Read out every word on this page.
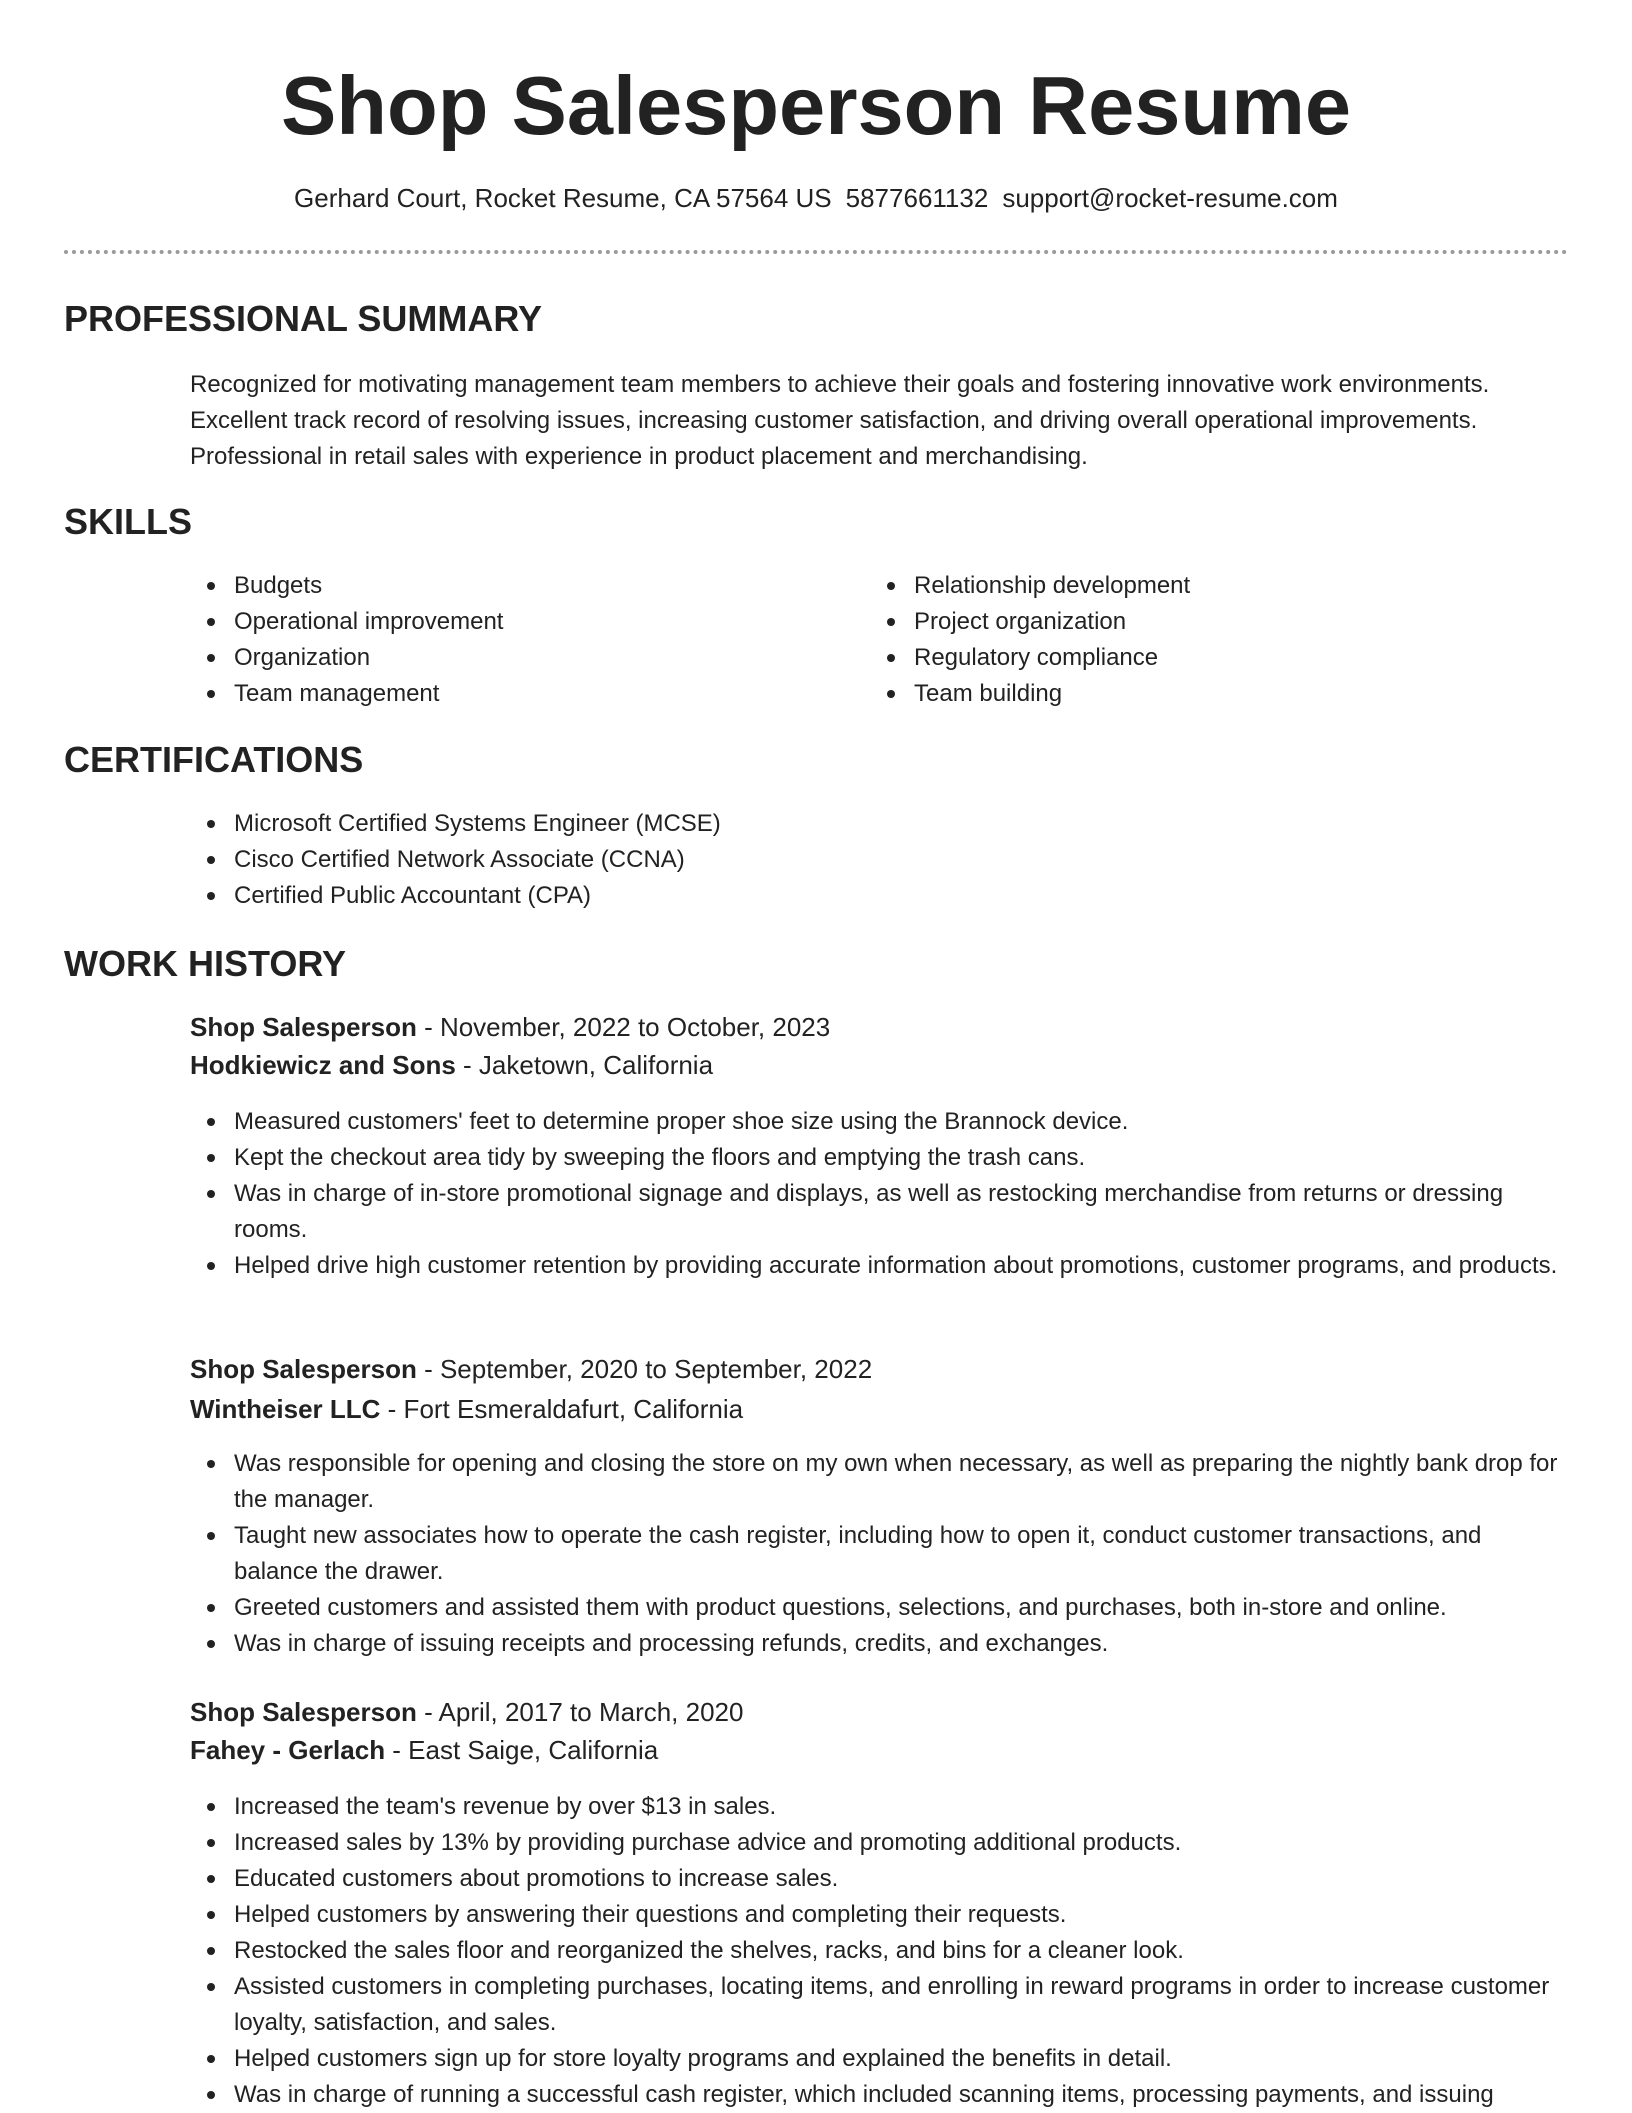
Shop Salesperson Resume
Gerhard Court, Rocket Resume, CA 57564 US 5877661132 support@rocket-resume.com
PROFESSIONAL SUMMARY

Recognized for motivating management team members to achieve their goals and fostering innovative work environments. Excellent track record of resolving issues, increasing customer satisfaction, and driving overall operational improvements. Professional in retail sales with experience in product placement and merchandising.

SKILLS
Budgets
Operational improvement
Organization
Team management
Relationship development
Project organization
Regulatory compliance
Team building
CERTIFICATIONS
Microsoft Certified Systems Engineer (MCSE)
Cisco Certified Network Associate (CCNA)
Certified Public Accountant (CPA)
WORK HISTORY
Shop Salesperson - November, 2022 to October, 2023
Hodkiewicz and Sons - Jaketown, California
Measured customers' feet to determine proper shoe size using the Brannock device.
Kept the checkout area tidy by sweeping the floors and emptying the trash cans.
Was in charge of in-store promotional signage and displays, as well as restocking merchandise from returns or dressing rooms.
Helped drive high customer retention by providing accurate information about promotions, customer programs, and products.
Shop Salesperson - September, 2020 to September, 2022
Wintheiser LLC - Fort Esmeraldafurt, California
Was responsible for opening and closing the store on my own when necessary, as well as preparing the nightly bank drop for the manager.
Taught new associates how to operate the cash register, including how to open it, conduct customer transactions, and balance the drawer.
Greeted customers and assisted them with product questions, selections, and purchases, both in-store and online.
Was in charge of issuing receipts and processing refunds, credits, and exchanges.
Shop Salesperson - April, 2017 to March, 2020
Fahey - Gerlach - East Saige, California
Increased the team's revenue by over $13 in sales.
Increased sales by 13% by providing purchase advice and promoting additional products.
Educated customers about promotions to increase sales.
Helped customers by answering their questions and completing their requests.
Restocked the sales floor and reorganized the shelves, racks, and bins for a cleaner look.
Assisted customers in completing purchases, locating items, and enrolling in reward programs in order to increase customer loyalty, satisfaction, and sales.
Helped customers sign up for store loyalty programs and explained the benefits in detail.
Was in charge of running a successful cash register, which included scanning items, processing payments, and issuing
